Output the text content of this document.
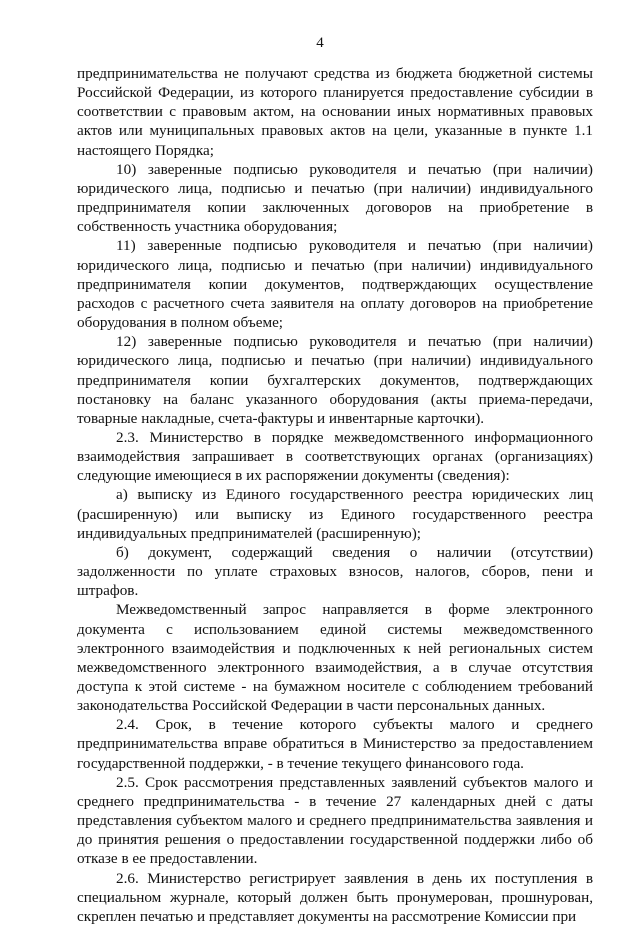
4

предпринимательства не получают средства из бюджета бюджетной системы Российской Федерации, из которого планируется предоставление субсидии в соответствии с правовым актом, на основании иных нормативных правовых актов или муниципальных правовых актов на цели, указанные в пункте 1.1 настоящего Порядка;

10) заверенные подписью руководителя и печатью (при наличии) юридического лица, подписью и печатью (при наличии) индивидуального предпринимателя копии заключенных договоров на приобретение в собственность участника оборудования;

11) заверенные подписью руководителя и печатью (при наличии) юридического лица, подписью и печатью (при наличии) индивидуального предпринимателя копии документов, подтверждающих осуществление расходов с расчетного счета заявителя на оплату договоров на приобретение оборудования в полном объеме;

12) заверенные подписью руководителя и печатью (при наличии) юридического лица, подписью и печатью (при наличии) индивидуального предпринимателя копии бухгалтерских документов, подтверждающих постановку на баланс указанного оборудования (акты приема-передачи, товарные накладные, счета-фактуры и инвентарные карточки).

2.3. Министерство в порядке межведомственного информационного взаимодействия запрашивает в соответствующих органах (организациях) следующие имеющиеся в их распоряжении документы (сведения):

а) выписку из Единого государственного реестра юридических лиц (расширенную) или выписку из Единого государственного реестра индивидуальных предпринимателей (расширенную);

б) документ, содержащий сведения о наличии (отсутствии) задолженности по уплате страховых взносов, налогов, сборов, пени и штрафов.

Межведомственный запрос направляется в форме электронного документа с использованием единой системы межведомственного электронного взаимодействия и подключенных к ней региональных систем межведомственного электронного взаимодействия, а в случае отсутствия доступа к этой системе - на бумажном носителе с соблюдением требований законодательства Российской Федерации в части персональных данных.

2.4. Срок, в течение которого субъекты малого и среднего предпринимательства вправе обратиться в Министерство за предоставлением государственной поддержки, - в течение текущего финансового года.

2.5. Срок рассмотрения представленных заявлений субъектов малого и среднего предпринимательства - в течение 27 календарных дней с даты представления субъектом малого и среднего предпринимательства заявления и до принятия решения о предоставлении государственной поддержки либо об отказе в ее предоставлении.

2.6. Министерство регистрирует заявления в день их поступления в специальном журнале, который должен быть пронумерован, прошнурован, скреплен печатью и представляет документы на рассмотрение Комиссии при
